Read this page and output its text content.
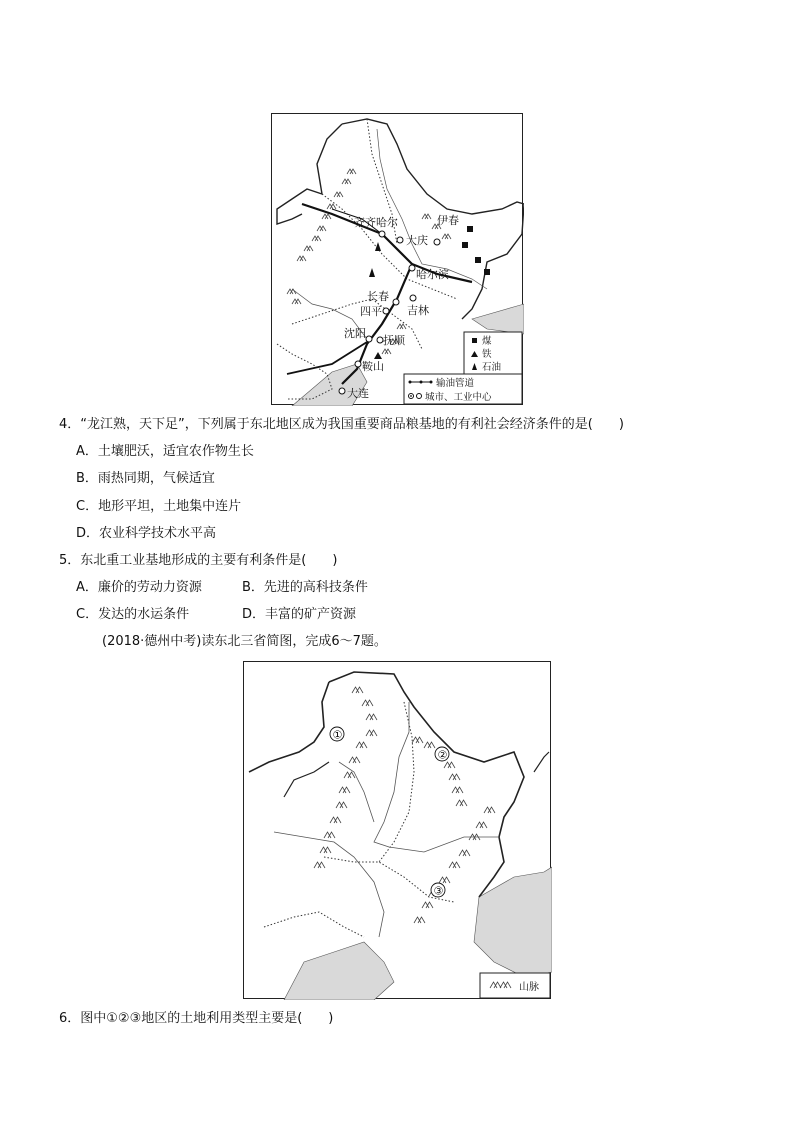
齐齐哈尔	伊春
大庆
哈尔滨
长春
四平 吉林
沈阳
抚顺
鞍山
大连
煤
铁
石油
输油管道
城市、工业中心
4．“龙江熟，天下足”，下列属于东北地区成为我国重要商品粮基地的有利社会经济条件的是(　　)
A．土壤肥沃，适宜农作物生长
B．雨热同期，气候适宜
C．地形平坦，土地集中连片
D．农业科学技术水平高
5．东北重工业基地形成的主要有利条件是(　　)
A．廉价的劳动力资源	B．先进的高科技条件
C．发达的水运条件	D．丰富的矿产资源
(2018·德州中考)读东北三省简图，完成6～7题。
①
②
③
山脉
6．图中①②③地区的土地利用类型主要是(　　)
